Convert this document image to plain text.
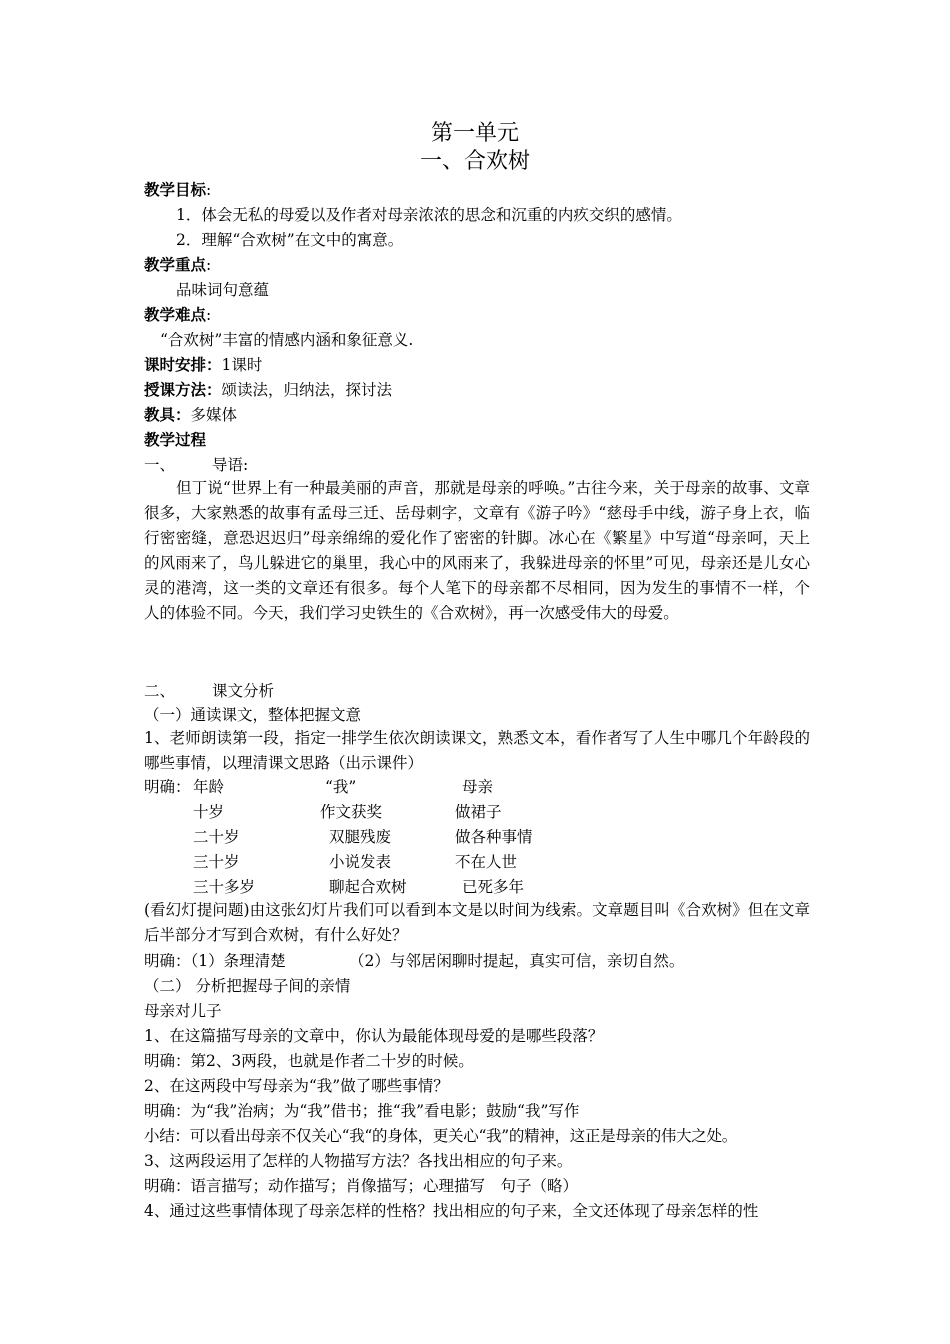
第一单元
一、合欢树
教学目标:
1．体会无私的母爱以及作者对母亲浓浓的思念和沉重的内疚交织的感情。
2．理解“合欢树”在文中的寓意。
教学重点:
品味词句意蕴
教学难点:
“合欢树”丰富的情感内涵和象征意义.
课时安排：1课时
授课方法：颂读法，归纳法，探讨法
教具：多媒体
教学过程
一、 导语:
但丁说“世界上有一种最美丽的声音，那就是母亲的呼唤。”古往今来，关于母亲的故事、文章很多，大家熟悉的故事有孟母三迁、岳母刺字，文章有《游子吟》“慈母手中线，游子身上衣，临行密密缝，意恐迟迟归”母亲绵绵的爱化作了密密的针脚。冰心在《繁星》中写道“母亲呵，天上的风雨来了，鸟儿躲进它的巢里，我心中的风雨来了，我躲进母亲的怀里”可见，母亲还是儿女心灵的港湾，这一类的文章还有很多。每个人笔下的母亲都不尽相同，因为发生的事情不一样，个人的体验不同。今天，我们学习史铁生的《合欢树》，再一次感受伟大的母爱。
二、 课文分析
（一）通读课文，整体把握文意
1、老师朗读第一段，指定一排学生依次朗读课文，熟悉文本，看作者写了人生中哪几个年龄段的哪些事情，以理清课文思路（出示课件）
明确： 年龄	“我”	母亲
十岁	作文获奖	做裙子
二十岁	双腿残废	做各种事情
三十岁	小说发表	不在人世
三十多岁	聊起合欢树	已死多年
(看幻灯提问题)由这张幻灯片我们可以看到本文是以时间为线索。文章题目叫《合欢树》但在文章后半部分才写到合欢树，有什么好处？
明确：（1）条理清楚	（2）与邻居闲聊时提起，真实可信，亲切自然。
（二） 分析把握母子间的亲情
母亲对儿子
1、在这篇描写母亲的文章中，你认为最能体现母爱的是哪些段落？
明确：第2、3两段，也就是作者二十岁的时候。
2、在这两段中写母亲为“我”做了哪些事情？
明确：为“我”治病；为“我”借书；推“我”看电影；鼓励“我”写作
小结：可以看出母亲不仅关心“我“的身体，更关心“我”的精神，这正是母亲的伟大之处。
3、这两段运用了怎样的人物描写方法？各找出相应的句子来。
明确：语言描写；动作描写；肖像描写；心理描写　句子（略）
4、通过这些事情体现了母亲怎样的性格？找出相应的句子来，全文还体现了母亲怎样的性
